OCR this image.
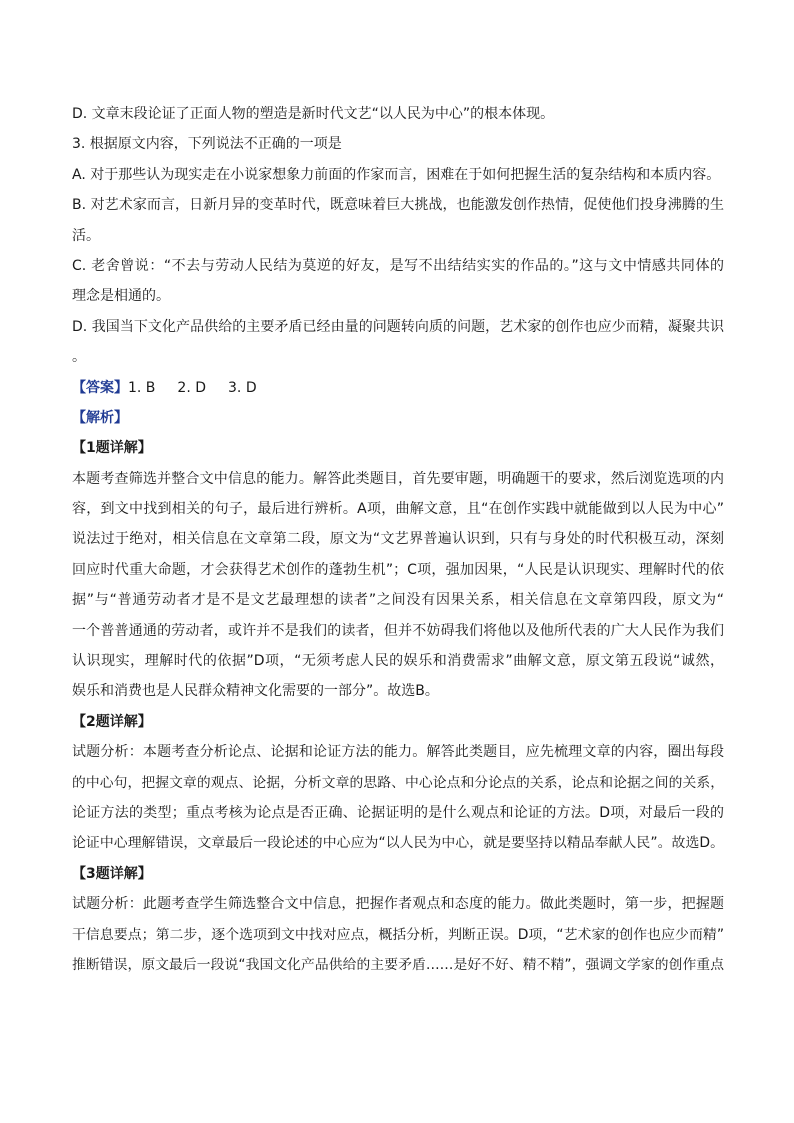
D. 文章末段论证了正面人物的塑造是新时代文艺“以人民为中心”的根本体现。
3. 根据原文内容，下列说法不正确的一项是
A. 对于那些认为现实走在小说家想象力前面的作家而言，困难在于如何把握生活的复杂结构和本质内容。
B. 对艺术家而言，日新月异的变革时代，既意味着巨大挑战，也能激发创作热情，促使他们投身沸腾的生
活。
C. 老舍曾说：“不去与劳动人民结为莫逆的好友，是写不出结结实实的作品的。”这与文中情感共同体的
理念是相通的。
D. 我国当下文化产品供给的主要矛盾已经由量的问题转向质的问题，艺术家的创作也应少而精，凝聚共识
。
【答案】1. B 2. D 3. D
【解析】
【1题详解】
本题考查筛选并整合文中信息的能力。解答此类题目，首先要审题，明确题干的要求，然后浏览选项的内
容，到文中找到相关的句子，最后进行辨析。A项，曲解文意，且“在创作实践中就能做到以人民为中心”
说法过于绝对，相关信息在文章第二段，原文为“文艺界普遍认识到，只有与身处的时代积极互动，深刻
回应时代重大命题，才会获得艺术创作的蓬勃生机”；C项，强加因果，“人民是认识现实、理解时代的依
据”与“普通劳动者才是不是文艺最理想的读者”之间没有因果关系，相关信息在文章第四段，原文为“
一个普普通通的劳动者，或许并不是我们的读者，但并不妨碍我们将他以及他所代表的广大人民作为我们
认识现实，理解时代的依据”D项，“无须考虑人民的娱乐和消费需求”曲解文意，原文第五段说“诚然，
娱乐和消费也是人民群众精神文化需要的一部分”。故选B。
【2题详解】
试题分析：本题考查分析论点、论据和论证方法的能力。解答此类题目，应先梳理文章的内容，圈出每段
的中心句，把握文章的观点、论据，分析文章的思路、中心论点和分论点的关系，论点和论据之间的关系，
论证方法的类型；重点考核为论点是否正确、论据证明的是什么观点和论证的方法。D项，对最后一段的
论证中心理解错误，文章最后一段论述的中心应为“以人民为中心，就是要坚持以精品奉献人民”。故选D。
【3题详解】
试题分析：此题考查学生筛选整合文中信息，把握作者观点和态度的能力。做此类题时，第一步，把握题
干信息要点；第二步，逐个选项到文中找对应点，概括分析，判断正误。D项，“艺术家的创作也应少而精”
推断错误，原文最后一段说“我国文化产品供给的主要矛盾……是好不好、精不精”，强调文学家的创作重点
